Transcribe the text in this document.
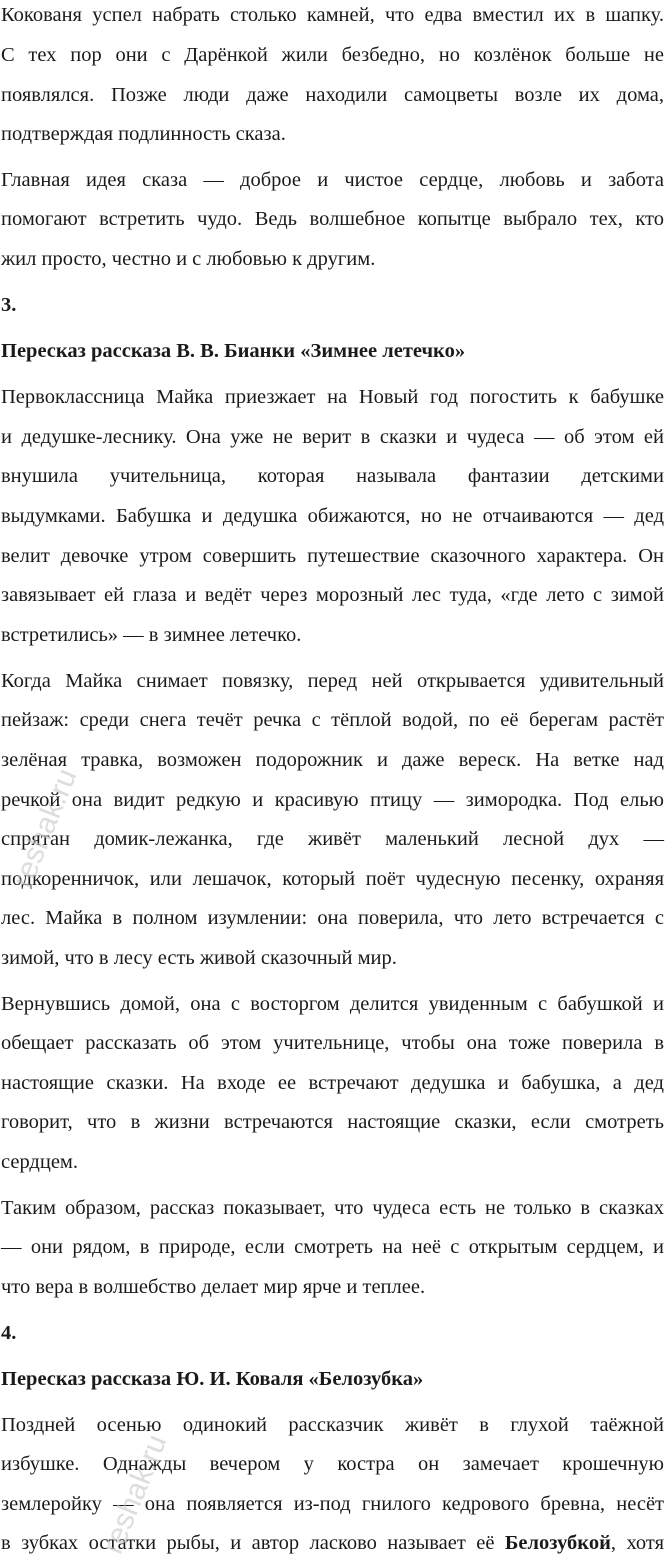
Кокованя успел набрать столько камней, что едва вместил их в шапку.
С тех пор они с Дарёнкой жили безбедно, но козлёнок больше не
появлялся. Позже люди даже находили самоцветы возле их дома,
подтверждая подлинность сказа.
Главная идея сказа — доброе и чистое сердце, любовь и забота
помогают встретить чудо. Ведь волшебное копытце выбрало тех, кто
жил просто, честно и с любовью к другим.
3.
Пересказ рассказа В. В. Бианки «Зимнее летечко»
Первоклассница Майка приезжает на Новый год погостить к бабушке
и дедушке-леснику. Она уже не верит в сказки и чудеса — об этом ей
внушила учительница, которая называла фантазии детскими
выдумками. Бабушка и дедушка обижаются, но не отчаиваются — дед
велит девочке утром совершить путешествие сказочного характера. Он
завязывает ей глаза и ведёт через морозный лес туда, «где лето с зимой
встретились» — в зимнее летечко.
Когда Майка снимает повязку, перед ней открывается удивительный
пейзаж: среди снега течёт речка с тёплой водой, по её берегам растёт
зелёная травка, возможен подорожник и даже вереск. На ветке над
речкой она видит редкую и красивую птицу — зимородка. Под елью
спрятан домик-лежанка, где живёт маленький лесной дух —
подкоренничок, или лешачок, который поёт чудесную песенку, охраняя
лес. Майка в полном изумлении: она поверила, что лето встречается с
зимой, что в лесу есть живой сказочный мир.
Вернувшись домой, она с восторгом делится увиденным с бабушкой и
обещает рассказать об этом учительнице, чтобы она тоже поверила в
настоящие сказки. На входе ее встречают дедушка и бабушка, а дед
говорит, что в жизни встречаются настоящие сказки, если смотреть
сердцем.
Таким образом, рассказ показывает, что чудеса есть не только в сказках
— они рядом, в природе, если смотреть на неё с открытым сердцем, и
что вера в волшебство делает мир ярче и теплее.
4.
Пересказ рассказа Ю. И. Коваля «Белозубка»
Поздней осенью одинокий рассказчик живёт в глухой таёжной
избушке. Однажды вечером у костра он замечает крошечную
землеройку — она появляется из-под гнилого кедрового бревна, несёт
в зубках остатки рыбы, и автор ласково называет её Белозубкой, хотя
reshak.ru
reshak.ru
